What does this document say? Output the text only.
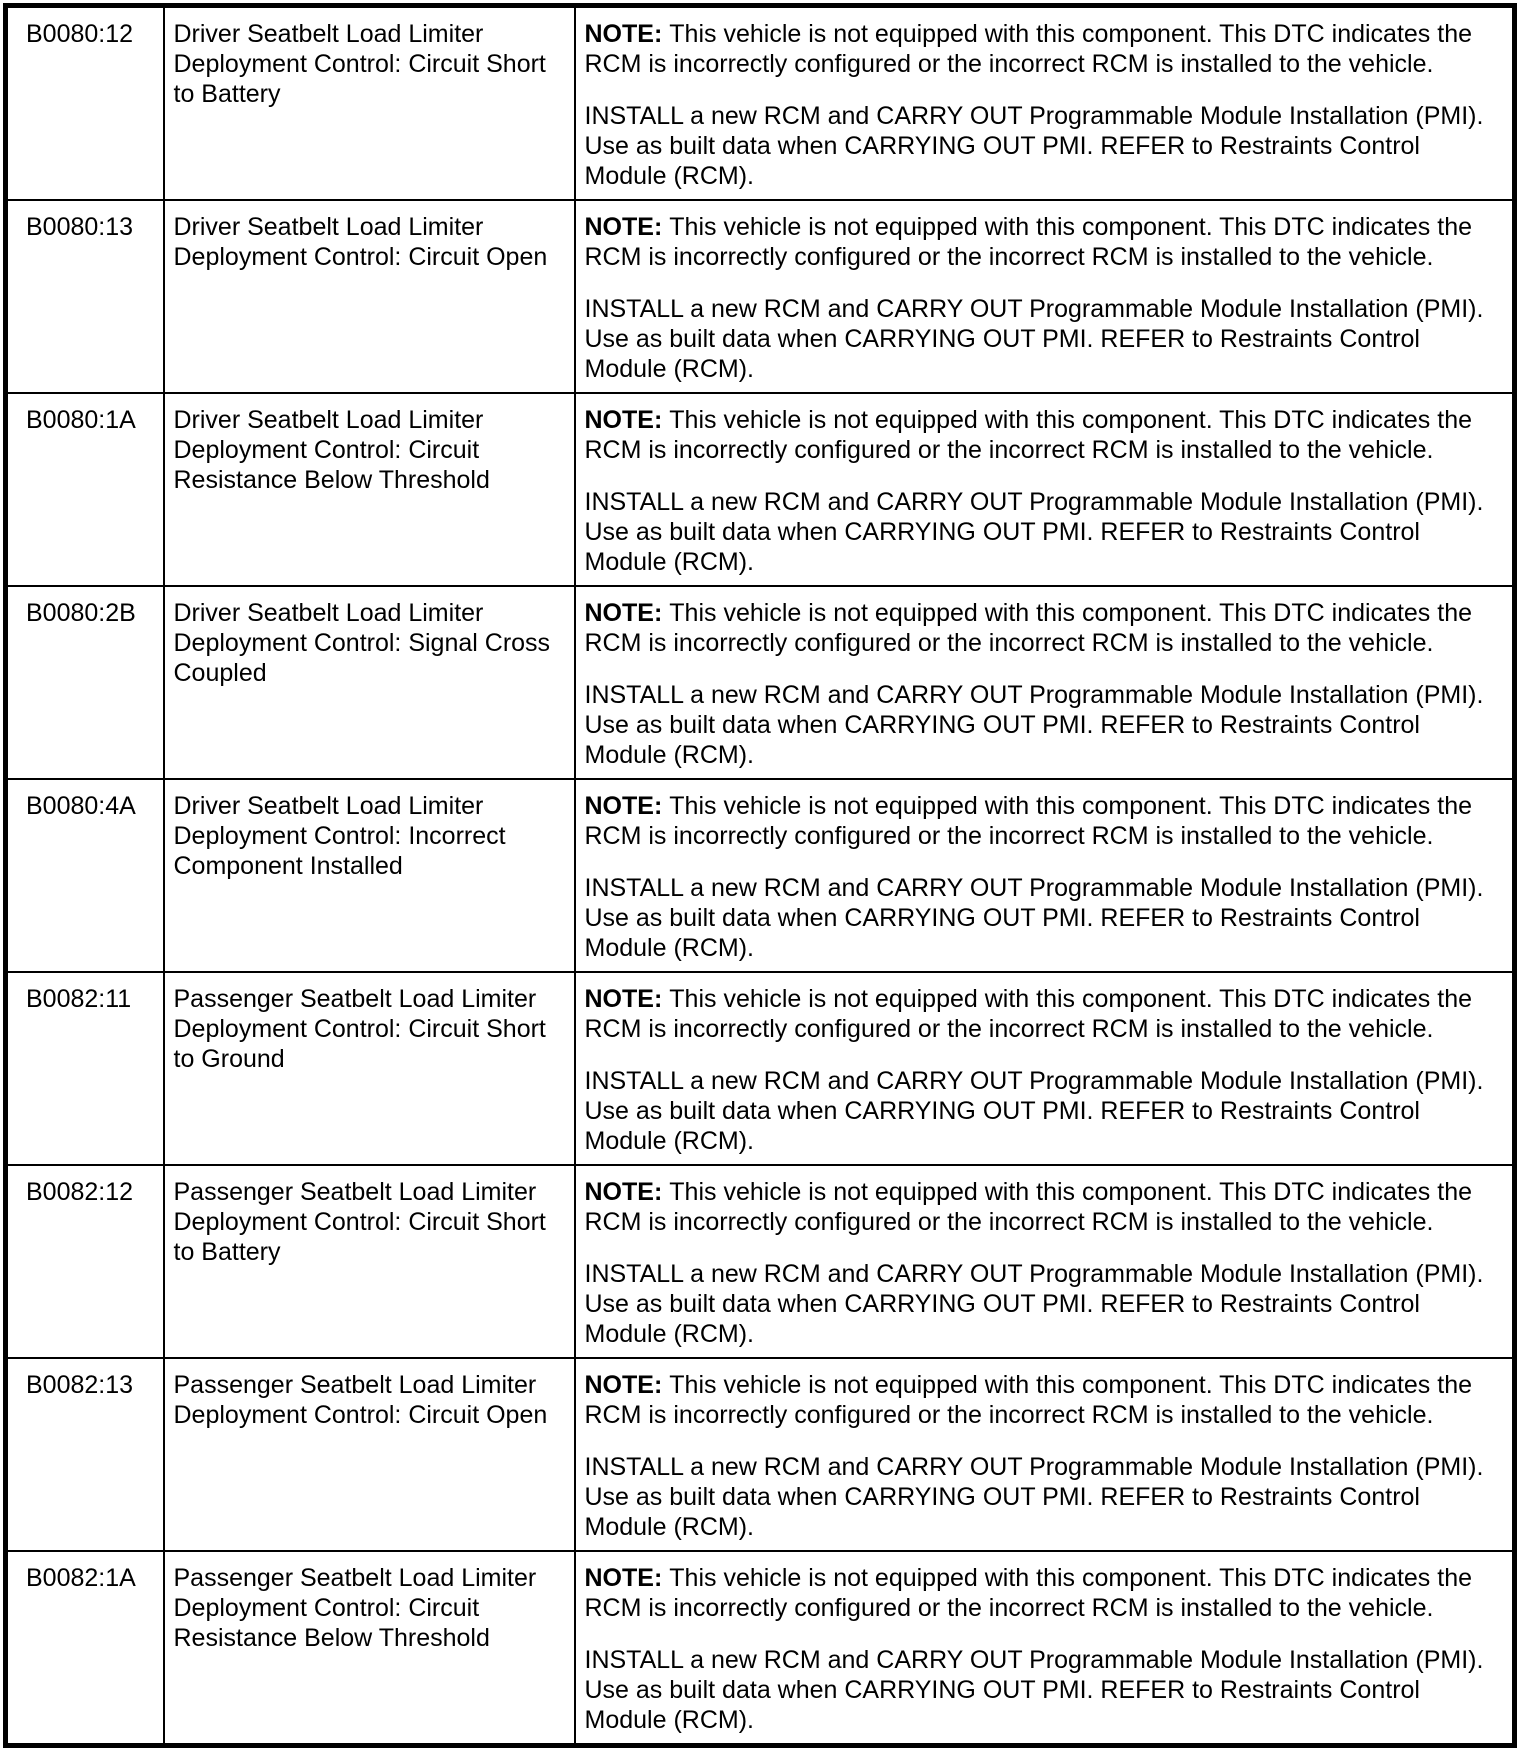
B0080:12	Driver Seatbelt Load Limiter Deployment Control: Circuit Short to Battery	NOTE: This vehicle is not equipped with this component. This DTC indicates the RCM is incorrectly configured or the incorrect RCM is installed to the vehicle.

INSTALL a new RCM and CARRY OUT Programmable Module Installation (PMI). Use as built data when CARRYING OUT PMI. REFER to Restraints Control Module (RCM).

B0080:13	Driver Seatbelt Load Limiter Deployment Control: Circuit Open	NOTE: This vehicle is not equipped with this component. This DTC indicates the RCM is incorrectly configured or the incorrect RCM is installed to the vehicle.

INSTALL a new RCM and CARRY OUT Programmable Module Installation (PMI). Use as built data when CARRYING OUT PMI. REFER to Restraints Control Module (RCM).

B0080:1A	Driver Seatbelt Load Limiter Deployment Control: Circuit Resistance Below Threshold	NOTE: This vehicle is not equipped with this component. This DTC indicates the RCM is incorrectly configured or the incorrect RCM is installed to the vehicle.

INSTALL a new RCM and CARRY OUT Programmable Module Installation (PMI). Use as built data when CARRYING OUT PMI. REFER to Restraints Control Module (RCM).

B0080:2B	Driver Seatbelt Load Limiter Deployment Control: Signal Cross Coupled	NOTE: This vehicle is not equipped with this component. This DTC indicates the RCM is incorrectly configured or the incorrect RCM is installed to the vehicle.

INSTALL a new RCM and CARRY OUT Programmable Module Installation (PMI). Use as built data when CARRYING OUT PMI. REFER to Restraints Control Module (RCM).

B0080:4A	Driver Seatbelt Load Limiter Deployment Control: Incorrect Component Installed	NOTE: This vehicle is not equipped with this component. This DTC indicates the RCM is incorrectly configured or the incorrect RCM is installed to the vehicle.

INSTALL a new RCM and CARRY OUT Programmable Module Installation (PMI). Use as built data when CARRYING OUT PMI. REFER to Restraints Control Module (RCM).

B0082:11	Passenger Seatbelt Load Limiter Deployment Control: Circuit Short to Ground	NOTE: This vehicle is not equipped with this component. This DTC indicates the RCM is incorrectly configured or the incorrect RCM is installed to the vehicle.

INSTALL a new RCM and CARRY OUT Programmable Module Installation (PMI). Use as built data when CARRYING OUT PMI. REFER to Restraints Control Module (RCM).

B0082:12	Passenger Seatbelt Load Limiter Deployment Control: Circuit Short to Battery	NOTE: This vehicle is not equipped with this component. This DTC indicates the RCM is incorrectly configured or the incorrect RCM is installed to the vehicle.

INSTALL a new RCM and CARRY OUT Programmable Module Installation (PMI). Use as built data when CARRYING OUT PMI. REFER to Restraints Control Module (RCM).

B0082:13	Passenger Seatbelt Load Limiter Deployment Control: Circuit Open	NOTE: This vehicle is not equipped with this component. This DTC indicates the RCM is incorrectly configured or the incorrect RCM is installed to the vehicle.

INSTALL a new RCM and CARRY OUT Programmable Module Installation (PMI). Use as built data when CARRYING OUT PMI. REFER to Restraints Control Module (RCM).

B0082:1A	Passenger Seatbelt Load Limiter Deployment Control: Circuit Resistance Below Threshold	NOTE: This vehicle is not equipped with this component. This DTC indicates the RCM is incorrectly configured or the incorrect RCM is installed to the vehicle.

INSTALL a new RCM and CARRY OUT Programmable Module Installation (PMI). Use as built data when CARRYING OUT PMI. REFER to Restraints Control Module (RCM).
